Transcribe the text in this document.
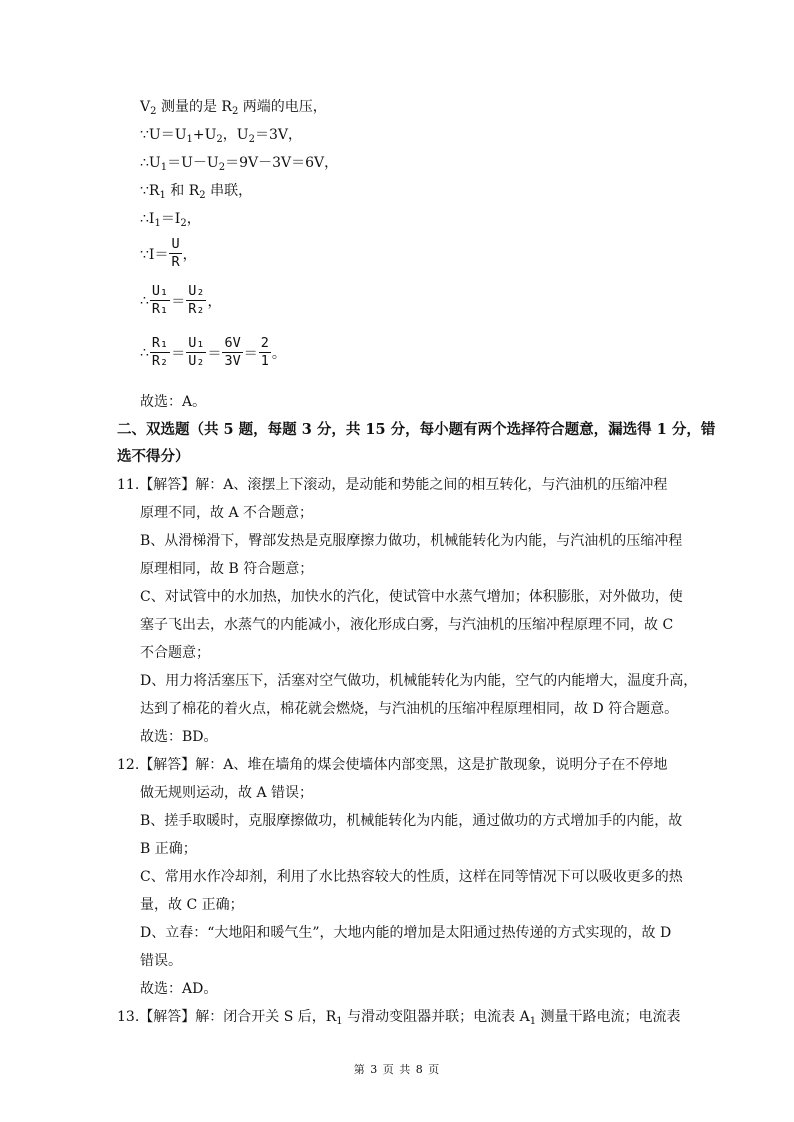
$V_2$ 测量的是 $R_2$ 两端的电压，
$\because U=U_1+U_2$，$U_2=3V$，
$\therefore U_1=U-U_2=9V-3V=6V$，
$\because R_1$ 和 $R_2$ 串联，
$\therefore I_1=I_2$，
∵I＝ $\frac{U}{R}$ ，
∴ $\frac{\text{U₁}}{\text{R₁}} = \frac{\text{U₂}}{\text{R₂}}$ ，
∴ $\frac{\text{R₁}}{\text{R₂}} = \frac{\text{U₁}}{\text{U₂}} = \frac{6V}{3V} = \frac{2}{1}$ 。
故选：A。
二、双选题（共 5 题，每题 3 分，共 15 分，每小题有两个选择符合题意，漏选得 1 分，错
选不得分）
11.【解答】解：A、滚摆上下滚动，是动能和势能之间的相互转化，与汽油机的压缩冲程
原理不同，故 A 不合题意；
B、从滑梯滑下，臀部发热是克服摩擦力做功，机械能转化为内能，与汽油机的压缩冲程
原理相同，故 B 符合题意；
C、对试管中的水加热，加快水的汽化，使试管中水蒸气增加；体积膨胀，对外做功，使
塞子飞出去，水蒸气的内能减小，液化形成白雾，与汽油机的压缩冲程原理不同，故 C
不合题意；
D、用力将活塞压下，活塞对空气做功，机械能转化为内能，空气的内能增大，温度升高，
达到了棉花的着火点，棉花就会燃烧，与汽油机的压缩冲程原理相同，故 D 符合题意。
故选：BD。
12.【解答】解：A、堆在墙角的煤会使墙体内部变黑，这是扩散现象，说明分子在不停地
做无规则运动，故 A 错误；
B、搓手取暖时，克服摩擦做功，机械能转化为内能，通过做功的方式增加手的内能，故
B 正确；
C、常用水作冷却剂，利用了水比热容较大的性质，这样在同等情况下可以吸收更多的热
量，故 C 正确；
D、立春：“大地阳和暖气生”，大地内能的增加是太阳通过热传递的方式实现的，故 D
错误。
故选：AD。
13.【解答】解：闭合开关 S 后，$R_1$ 与滑动变阻器并联；电流表 $A_1$ 测量干路电流；电流表
第 3 页 共 8 页
